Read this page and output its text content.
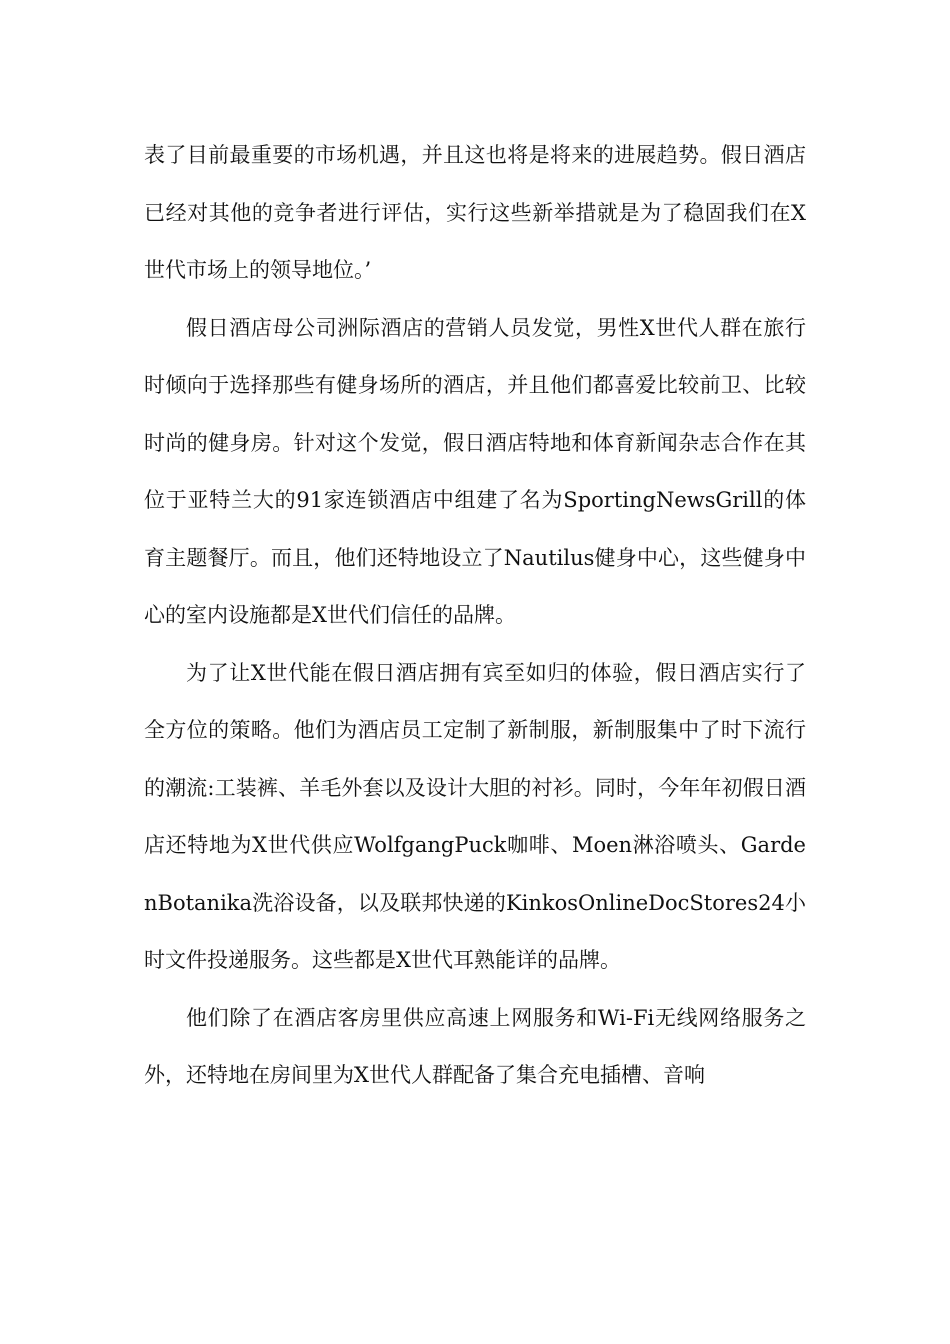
表了目前最重要的市场机遇，并且这也将是将来的进展趋势。假日酒店已经对其他的竞争者进行评估，实行这些新举措就是为了稳固我们在X世代市场上的领导地位。’

假日酒店母公司洲际酒店的营销人员发觉，男性X世代人群在旅行时倾向于选择那些有健身场所的酒店，并且他们都喜爱比较前卫、比较时尚的健身房。针对这个发觉，假日酒店特地和体育新闻杂志合作在其位于亚特兰大的91家连锁酒店中组建了名为SportingNewsGrill的体育主题餐厅。而且，他们还特地设立了Nautilus健身中心，这些健身中心的室内设施都是X世代们信任的品牌。

为了让X世代能在假日酒店拥有宾至如归的体验，假日酒店实行了全方位的策略。他们为酒店员工定制了新制服，新制服集中了时下流行的潮流:工装裤、羊毛外套以及设计大胆的衬衫。同时，今年年初假日酒店还特地为X世代供应WolfgangPuck咖啡、Moen淋浴喷头、GardenBotanika洗浴设备，以及联邦快递的KinkosOnlineDocStores24小时文件投递服务。这些都是X世代耳熟能详的品牌。

他们除了在酒店客房里供应高速上网服务和Wi-Fi无线网络服务之外，还特地在房间里为X世代人群配备了集合充电插槽、音响
